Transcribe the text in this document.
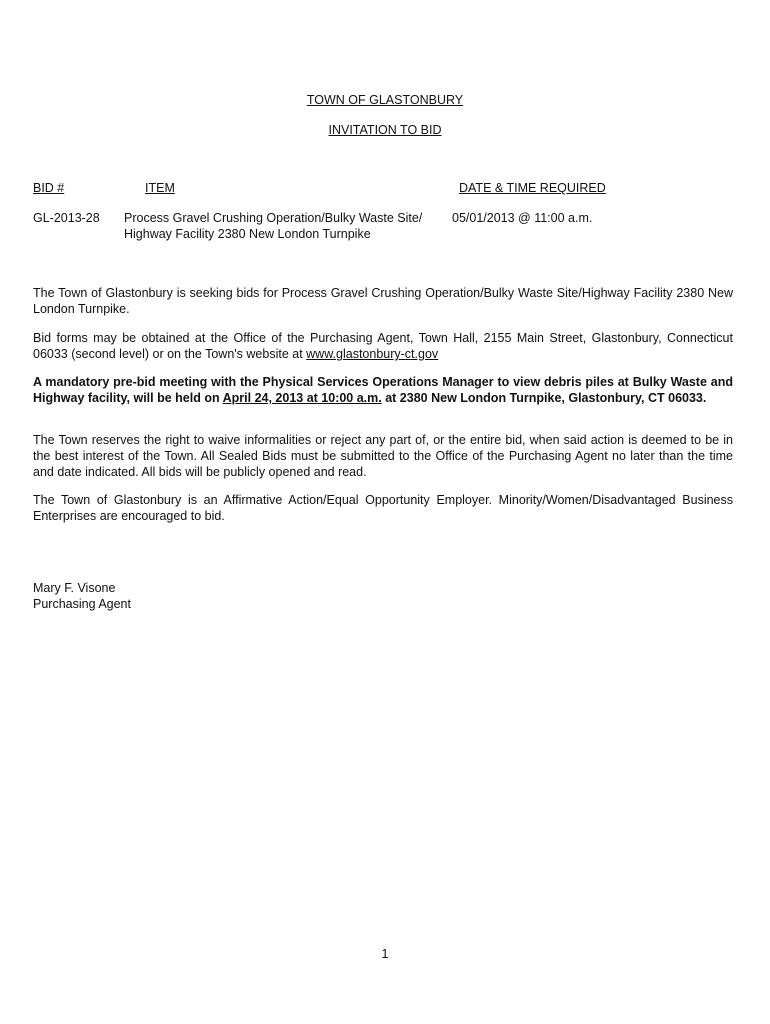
TOWN OF GLASTONBURY
INVITATION TO BID
BID #	ITEM	DATE & TIME REQUIRED
GL-2013-28 Process Gravel Crushing Operation/Bulky Waste Site/
Highway Facility 2380 New London Turnpike
05/01/2013 @ 11:00 a.m.
The Town of Glastonbury is seeking bids for Process Gravel Crushing Operation/Bulky Waste Site/Highway Facility 2380 New London Turnpike.
Bid forms may be obtained at the Office of the Purchasing Agent, Town Hall, 2155 Main Street, Glastonbury, Connecticut 06033 (second level) or on the Town's website at www.glastonbury-ct.gov
A mandatory pre-bid meeting with the Physical Services Operations Manager to view debris piles at Bulky Waste and Highway facility, will be held on April 24, 2013 at 10:00 a.m. at 2380 New London Turnpike, Glastonbury, CT 06033.
The Town reserves the right to waive informalities or reject any part of, or the entire bid, when said action is deemed to be in the best interest of the Town. All Sealed Bids must be submitted to the Office of the Purchasing Agent no later than the time and date indicated. All bids will be publicly opened and read.
The Town of Glastonbury is an Affirmative Action/Equal Opportunity Employer. Minority/Women/Disadvantaged Business Enterprises are encouraged to bid.
Mary F. Visone
Purchasing Agent
1
